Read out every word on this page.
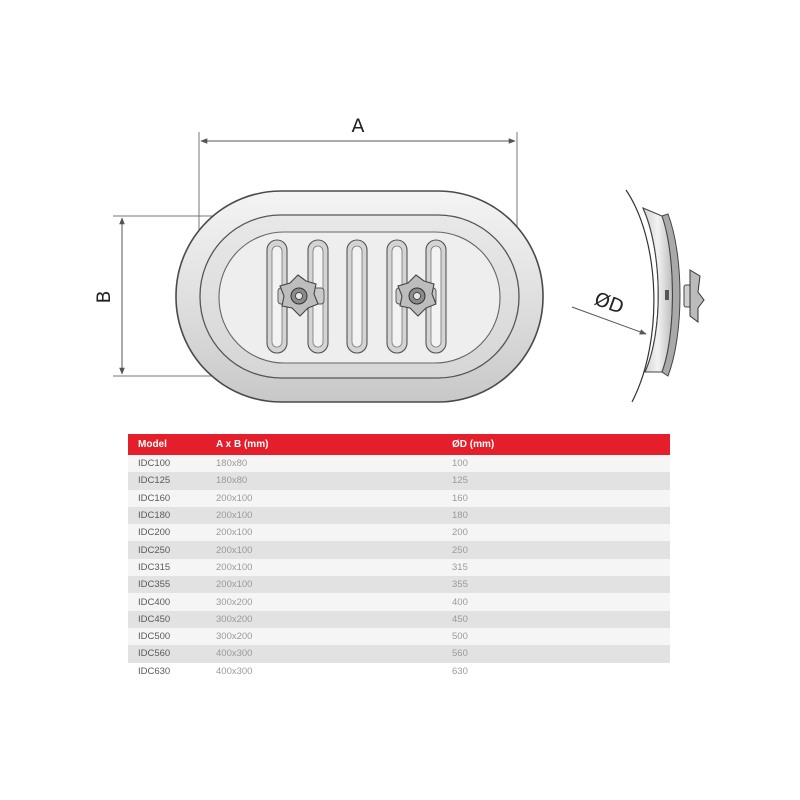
A
B	ØD
Model	A x B (mm)	ØD (mm)
IDC100	180x80	100
IDC125	180x80	125
IDC160	200x100	160
IDC180	200x100	180
IDC200	200x100	200
IDC250	200x100	250
IDC315	200x100	315
IDC355	200x100	355
IDC400	300x200	400
IDC450	300x200	450
IDC500	300x200	500
IDC560	400x300	560
IDC630	400x300	630
